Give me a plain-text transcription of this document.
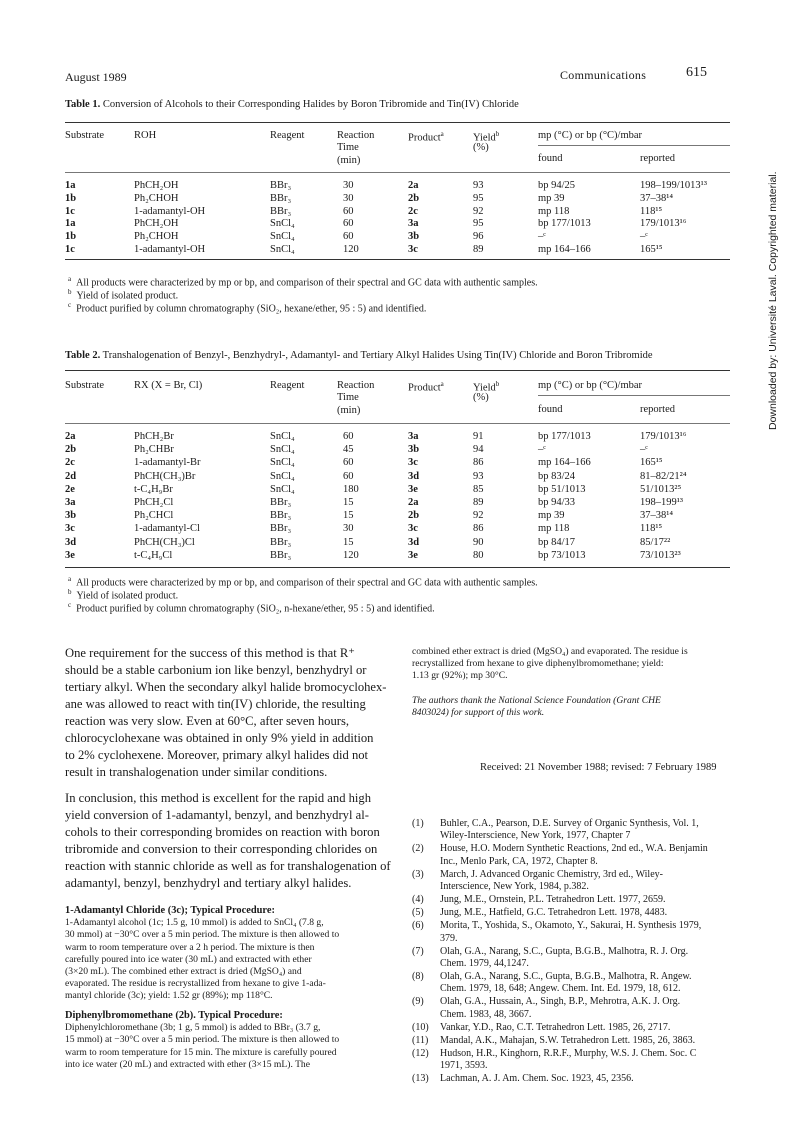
August 1989	Communications	615
Table 1. Conversion of Alcohols to their Corresponding Halides by Boron Tribromide and Tin(IV) Chloride
Substrate	ROH	Reagent	Reaction
Time
(min)
Product$^a$	Yield$^b$
(%)
mp (°C) or bp (°C)/mbar
found	reported
1a	PhCH₂OH	BBr₃	30	2a	93	bp 94/25	198–199/1013¹³
1b	Ph₂CHOH	BBr₃	30	2b	95	mp 39	37–38¹⁴
1c	1-adamantyl-OH	BBr₃	60	2c	92	mp 118	118¹⁵
1a	PhCH₂OH	SnCl₄	60	3a	95	bp 177/1013	179/1013¹⁶
1b	Ph₂CHOH	SnCl₄	60	3b	96	–ᶜ	–ᶜ
1c	1-adamantyl-OH	SnCl₄	120	3c	89	mp 164–166	165¹⁵
$^a$ All products were characterized by mp or bp, and comparison of their spectral and GC data with authentic samples.
$^b$ Yield of isolated product.
$^c$ Product purified by column chromatography (SiO₂, hexane/ether, 95 : 5) and identified.
Table 2. Transhalogenation of Benzyl-, Benzhydryl-, Adamantyl- and Tertiary Alkyl Halides Using Tin(IV) Chloride and Boron Tribromide
Substrate	RX (X = Br, Cl)	Reagent	Reaction
Time
(min)
Product$^a$	Yield$^b$
(%)
mp (°C) or bp (°C)/mbar
found	reported
2a	PhCH₂Br	SnCl₄	60	3a	91	bp 177/1013	179/1013¹⁶
2b	Ph₂CHBr	SnCl₄	45	3b	94	–ᶜ	–ᶜ
2c	1-adamantyl-Br	SnCl₄	60	3c	86	mp 164–166	165¹⁵
2d	PhCH(CH₃)Br	SnCl₄	60	3d	93	bp 83/24	81–82/21²⁴
2e	t-C₄H₉Br	SnCl₄	180	3e	85	bp 51/1013	51/1013²⁵
3a	PhCH₂Cl	BBr₃	15	2a	89	bp 94/33	198–199¹³
3b	Ph₂CHCl	BBr₃	15	2b	92	mp 39	37–38¹⁴
3c	1-adamantyl-Cl	BBr₃	30	3c	86	mp 118	118¹⁵
3d	PhCH(CH₃)Cl	BBr₃	15	3d	90	bp 84/17	85/17²²
3e	t-C₄H₉Cl	BBr₃	120	3e	80	bp 73/1013	73/1013²³
$^a$ All products were characterized by mp or bp, and comparison of their spectral and GC data with authentic samples.
$^b$ Yield of isolated product.
$^c$ Product purified by column chromatography (SiO₂, n-hexane/ether, 95 : 5) and identified.
One requirement for the success of this method is that R⁺
should be a stable carbonium ion like benzyl, benzhydryl or
tertiary alkyl. When the secondary alkyl halide bromocyclohex-
ane was allowed to react with tin(IV) chloride, the resulting
reaction was very slow. Even at 60°C, after seven hours,
chlorocyclohexane was obtained in only 9% yield in addition
to 2% cyclohexene. Moreover, primary alkyl halides did not
result in transhalogenation under similar conditions.
In conclusion, this method is excellent for the rapid and high
yield conversion of 1-adamantyl, benzyl, and benzhydryl al-
cohols to their corresponding bromides on reaction with boron
tribromide and conversion to their corresponding chlorides on
reaction with stannic chloride as well as for transhalogenation of
adamantyl, benzyl, benzhydryl and tertiary alkyl halides.
1-Adamantyl Chloride (3c); Typical Procedure:
1-Adamantyl alcohol (1c; 1.5 g, 10 mmol) is added to SnCl₄ (7.8 g,
30 mmol) at −30°C over a 5 min period. The mixture is then allowed to
warm to room temperature over a 2 h period. The mixture is then
carefully poured into ice water (30 mL) and extracted with ether
(3×20 mL). The combined ether extract is dried (MgSO₄) and
evaporated. The residue is recrystallized from hexane to give 1-ada-
mantyl chloride (3c); yield: 1.52 gr (89%); mp 118°C.
Diphenylbromomethane (2b). Typical Procedure:
Diphenylchloromethane (3b; 1 g, 5 mmol) is added to BBr₃ (3.7 g,
15 mmol) at −30°C over a 5 min period. The mixture is then allowed to
warm to room temperature for 15 min. The mixture is carefully poured
into ice water (20 mL) and extracted with ether (3×15 mL). The
combined ether extract is dried (MgSO₄) and evaporated. The residue is
recrystallized from hexane to give diphenylbromomethane; yield:
1.13 gr (92%); mp 30°C.
The authors thank the National Science Foundation (Grant CHE
8403024) for support of this work.
Received: 21 November 1988; revised: 7 February 1989
(1) Buhler, C.A., Pearson, D.E. Survey of Organic Synthesis, Vol. 1,
Wiley-Interscience, New York, 1977, Chapter 7
(2) House, H.O. Modern Synthetic Reactions, 2nd ed., W.A. Benjamin
Inc., Menlo Park, CA, 1972, Chapter 8.
(3) March, J. Advanced Organic Chemistry, 3rd ed., Wiley-
Interscience, New York, 1984, p.382.
(4) Jung, M.E., Ornstein, P.L. Tetrahedron Lett. 1977, 2659.
(5) Jung, M.E., Hatfield, G.C. Tetrahedron Lett. 1978, 4483.
(6) Morita, T., Yoshida, S., Okamoto, Y., Sakurai, H. Synthesis 1979,
379.
(7) Olah, G.A., Narang, S.C., Gupta, B.G.B., Malhotra, R. J. Org.
Chem. 1979, 44,1247.
(8) Olah, G.A., Narang, S.C., Gupta, B.G.B., Malhotra, R. Angew.
Chem. 1979, 18, 648; Angew. Chem. Int. Ed. 1979, 18, 612.
(9) Olah, G.A., Hussain, A., Singh, B.P., Mehrotra, A.K. J. Org.
Chem. 1983, 48, 3667.
(10) Vankar, Y.D., Rao, C.T. Tetrahedron Lett. 1985, 26, 2717.
(11) Mandal, A.K., Mahajan, S.W. Tetrahedron Lett. 1985, 26, 3863.
(12) Hudson, H.R., Kinghorn, R.R.F., Murphy, W.S. J. Chem. Soc. C
1971, 3593.
(13) Lachman, A. J. Am. Chem. Soc. 1923, 45, 2356.
Downloaded by: Université Laval. Copyrighted material.
